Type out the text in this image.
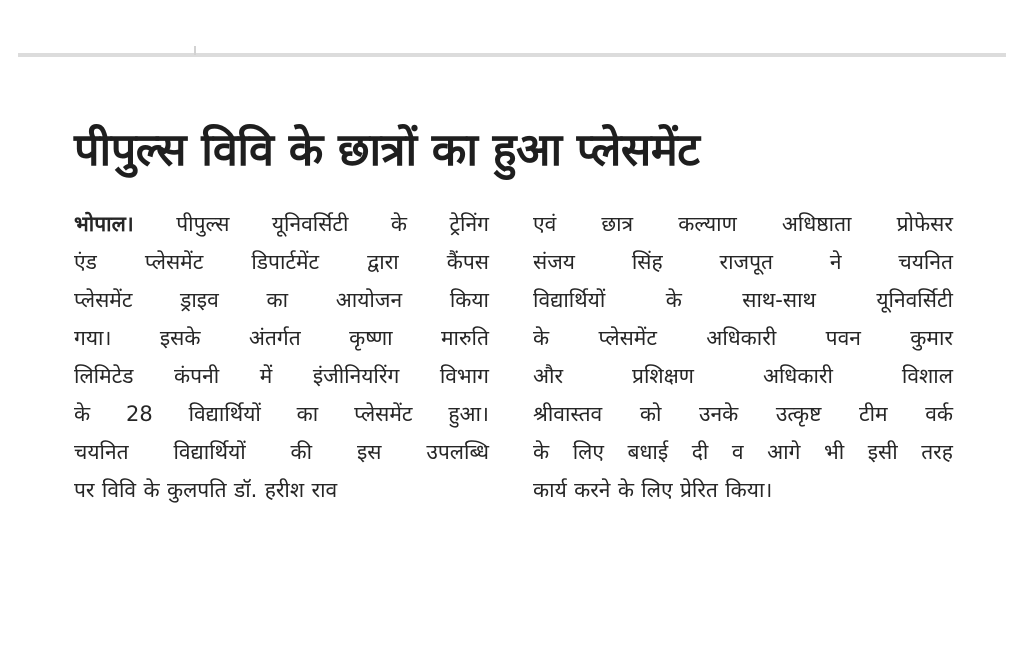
पीपुल्स विवि के छात्रों का हुआ प्लेसमेंट
भोपाल। पीपुल्स यूनिवर्सिटी के ट्रेनिंग
एंड प्लेसमेंट डिपार्टमेंट द्वारा कैंपस
प्लेसमेंट ड्राइव का आयोजन किया
गया। इसके अंतर्गत कृष्णा मारुति
लिमिटेड कंपनी में इंजीनियरिंग विभाग
के 28 विद्यार्थियों का प्लेसमेंट हुआ।
चयनित विद्यार्थियों की इस उपलब्धि
पर विवि के कुलपति डॉ. हरीश राव
एवं छात्र कल्याण अधिष्ठाता प्रोफेसर
संजय	सिंह	राजपूत	ने	चयनित
विद्यार्थियों	के	साथ-साथ	यूनिवर्सिटी
के प्लेसमेंट अधिकारी पवन कुमार
और	प्रशिक्षण	अधिकारी	विशाल
श्रीवास्तव को उनके उत्कृष्ट टीम वर्क
के लिए बधाई दी व आगे भी इसी तरह
कार्य करने के लिए प्रेरित किया।
